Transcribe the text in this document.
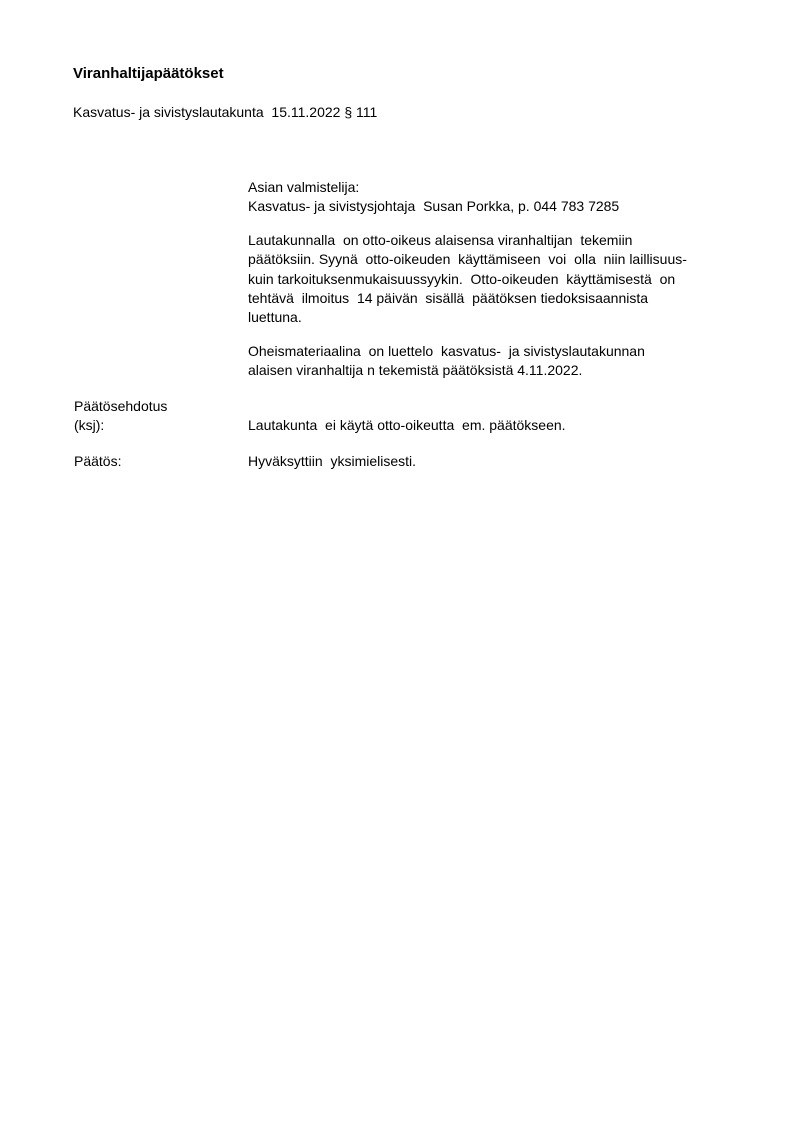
Viranhaltijapäätökset
Kasvatus- ja sivistyslautakunta  15.11.2022 § 111
Asian valmistelija:
Kasvatus- ja sivistysjohtaja  Susan Porkka, p. 044 783 7285
Lautakunnalla  on otto-oikeus alaisensa viranhaltijan  tekemiin
päätöksiin. Syynä  otto-oikeuden  käyttämiseen  voi  olla  niin laillisuus-
kuin tarkoituksenmukaisuussyykin.  Otto-oikeuden  käyttämisestä  on
tehtävä  ilmoitus  14 päivän  sisällä  päätöksen tiedoksisaannista
luettuna.
Oheismateriaalina  on luettelo  kasvatus-  ja sivistyslautakunnan
alaisen viranhaltija n tekemistä päätöksistä 4.11.2022.
Päätösehdotus
(ksj):	Lautakunta  ei käytä otto-oikeutta  em. päätökseen.
Päätös:	Hyväksyttiin  yksimielisesti.
